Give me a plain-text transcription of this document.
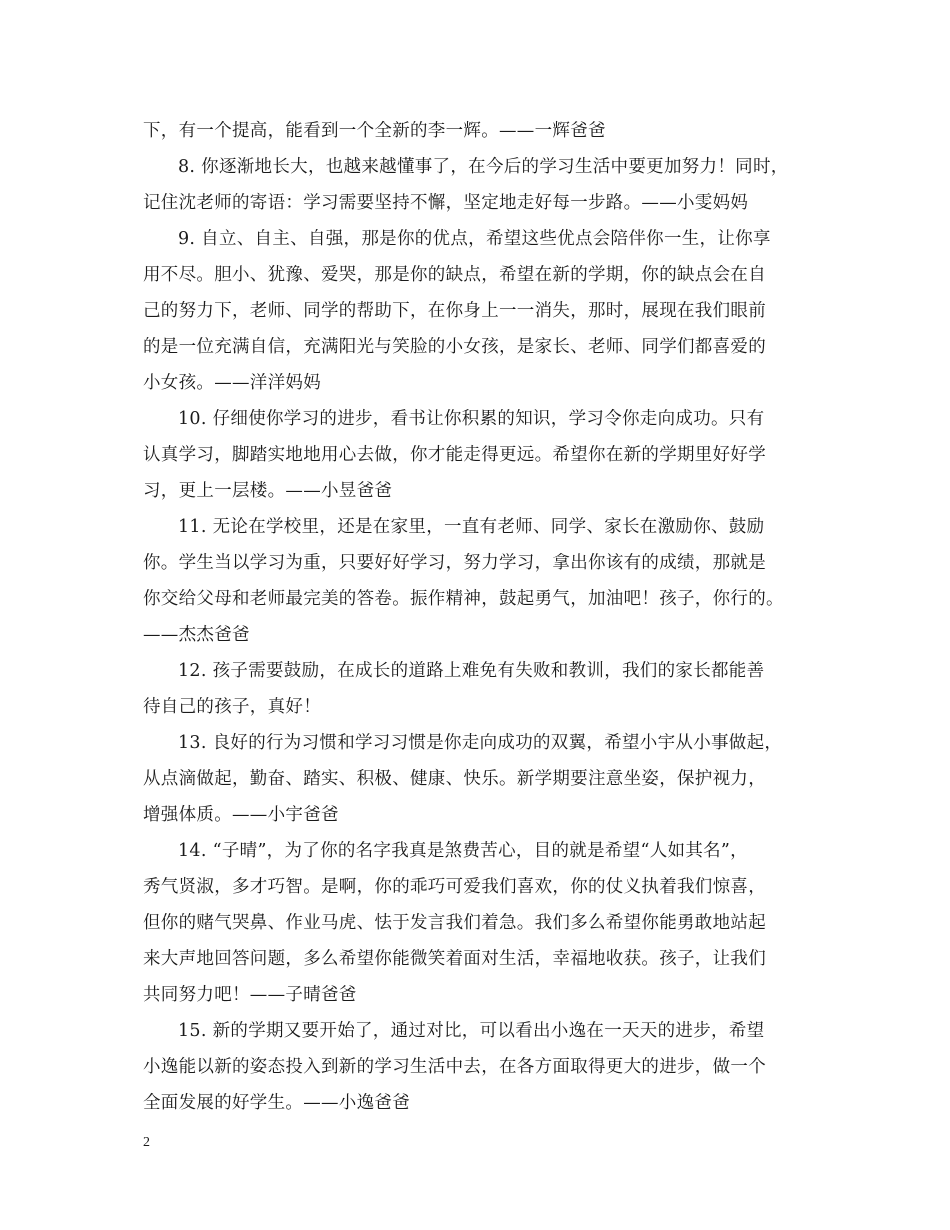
下，有一个提高，能看到一个全新的李一辉。——一辉爸爸
8. 你逐渐地长大，也越来越懂事了，在今后的学习生活中要更加努力！同时，
记住沈老师的寄语：学习需要坚持不懈，坚定地走好每一步路。——小雯妈妈
9. 自立、自主、自强，那是你的优点，希望这些优点会陪伴你一生，让你享
用不尽。胆小、犹豫、爱哭，那是你的缺点，希望在新的学期，你的缺点会在自
己的努力下，老师、同学的帮助下，在你身上一一消失，那时，展现在我们眼前
的是一位充满自信，充满阳光与笑脸的小女孩，是家长、老师、同学们都喜爱的
小女孩。——洋洋妈妈
10. 仔细使你学习的进步，看书让你积累的知识，学习令你走向成功。只有
认真学习，脚踏实地地用心去做，你才能走得更远。希望你在新的学期里好好学
习，更上一层楼。——小昱爸爸
11. 无论在学校里，还是在家里，一直有老师、同学、家长在激励你、鼓励
你。学生当以学习为重，只要好好学习，努力学习，拿出你该有的成绩，那就是
你交给父母和老师最完美的答卷。振作精神，鼓起勇气，加油吧！孩子，你行的。
——杰杰爸爸
12. 孩子需要鼓励，在成长的道路上难免有失败和教训，我们的家长都能善
待自己的孩子，真好！
13. 良好的行为习惯和学习习惯是你走向成功的双翼，希望小宇从小事做起，
从点滴做起，勤奋、踏实、积极、健康、快乐。新学期要注意坐姿，保护视力，
增强体质。——小宇爸爸
14. “子晴”，为了你的名字我真是煞费苦心，目的就是希望“人如其名”，
秀气贤淑，多才巧智。是啊，你的乖巧可爱我们喜欢，你的仗义执着我们惊喜，
但你的赌气哭鼻、作业马虎、怯于发言我们着急。我们多么希望你能勇敢地站起
来大声地回答问题，多么希望你能微笑着面对生活，幸福地收获。孩子，让我们
共同努力吧！——子晴爸爸
15. 新的学期又要开始了，通过对比，可以看出小逸在一天天的进步，希望
小逸能以新的姿态投入到新的学习生活中去，在各方面取得更大的进步，做一个
全面发展的好学生。——小逸爸爸
2
